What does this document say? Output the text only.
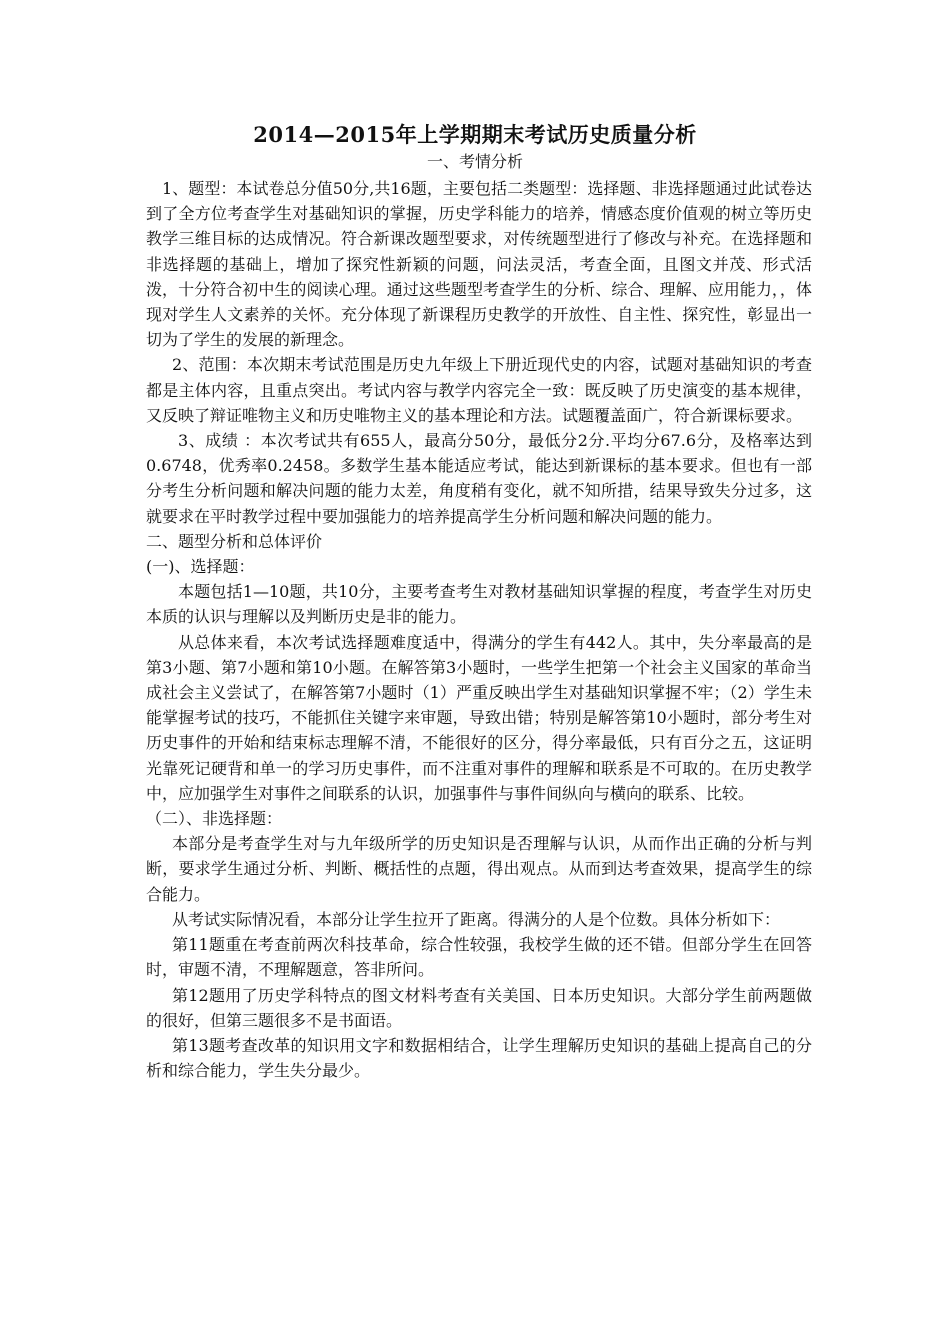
2014—2015年上学期期末考试历史质量分析
一、考情分析

1、题型：本试卷总分值50分,共16题，主要包括二类题型：选择题、非选择题通过此试卷达到了全方位考查学生对基础知识的掌握，历史学科能力的培养，情感态度价值观的树立等历史教学三维目标的达成情况。符合新课改题型要求，对传统题型进行了修改与补充。在选择题和非选择题的基础上，增加了探究性新颖的问题，问法灵活，考查全面，且图文并茂、形式活泼，十分符合初中生的阅读心理。通过这些题型考查学生的分析、综合、理解、应用能力，，体现对学生人文素养的关怀。充分体现了新课程历史教学的开放性、自主性、探究性，彰显出一切为了学生的发展的新理念。

2、范围：本次期末考试范围是历史九年级上下册近现代史的内容，试题对基础知识的考查都是主体内容，且重点突出。考试内容与教学内容完全一致：既反映了历史演变的基本规律，又反映了辩证唯物主义和历史唯物主义的基本理论和方法。试题覆盖面广，符合新课标要求。

3、成绩 ：本次考试共有655人，最高分50分，最低分2分.平均分67.6分，及格率达到0.6748，优秀率0.2458。多数学生基本能适应考试，能达到新课标的基本要求。但也有一部分考生分析问题和解决问题的能力太差，角度稍有变化，就不知所措，结果导致失分过多，这就要求在平时教学过程中要加强能力的培养提高学生分析问题和解决问题的能力。

二、题型分析和总体评价

(一)、选择题：

本题包括1—10题，共10分，主要考查考生对教材基础知识掌握的程度，考查学生对历史本质的认识与理解以及判断历史是非的能力。

从总体来看，本次考试选择题难度适中，得满分的学生有442人。其中，失分率最高的是第3小题、第7小题和第10小题。在解答第3小题时，一些学生把第一个社会主义国家的革命当成社会主义尝试了，在解答第7小题时（1）严重反映出学生对基础知识掌握不牢；（2）学生未能掌握考试的技巧，不能抓住关键字来审题，导致出错；特别是解答第10小题时，部分考生对历史事件的开始和结束标志理解不清，不能很好的区分，得分率最低，只有百分之五，这证明光靠死记硬背和单一的学习历史事件，而不注重对事件的理解和联系是不可取的。在历史教学中，应加强学生对事件之间联系的认识，加强事件与事件间纵向与横向的联系、比较。

（二）、非选择题：

本部分是考查学生对与九年级所学的历史知识是否理解与认识，从而作出正确的分析与判断，要求学生通过分析、判断、概括性的点题，得出观点。从而到达考查效果，提高学生的综合能力。

从考试实际情况看，本部分让学生拉开了距离。得满分的人是个位数。具体分析如下：

第11题重在考查前两次科技革命，综合性较强，我校学生做的还不错。但部分学生在回答时，审题不清，不理解题意，答非所问。

第12题用了历史学科特点的图文材料考查有关美国、日本历史知识。大部分学生前两题做的很好，但第三题很多不是书面语。

第13题考查改革的知识用文字和数据相结合，让学生理解历史知识的基础上提高自己的分析和综合能力，学生失分最少。
